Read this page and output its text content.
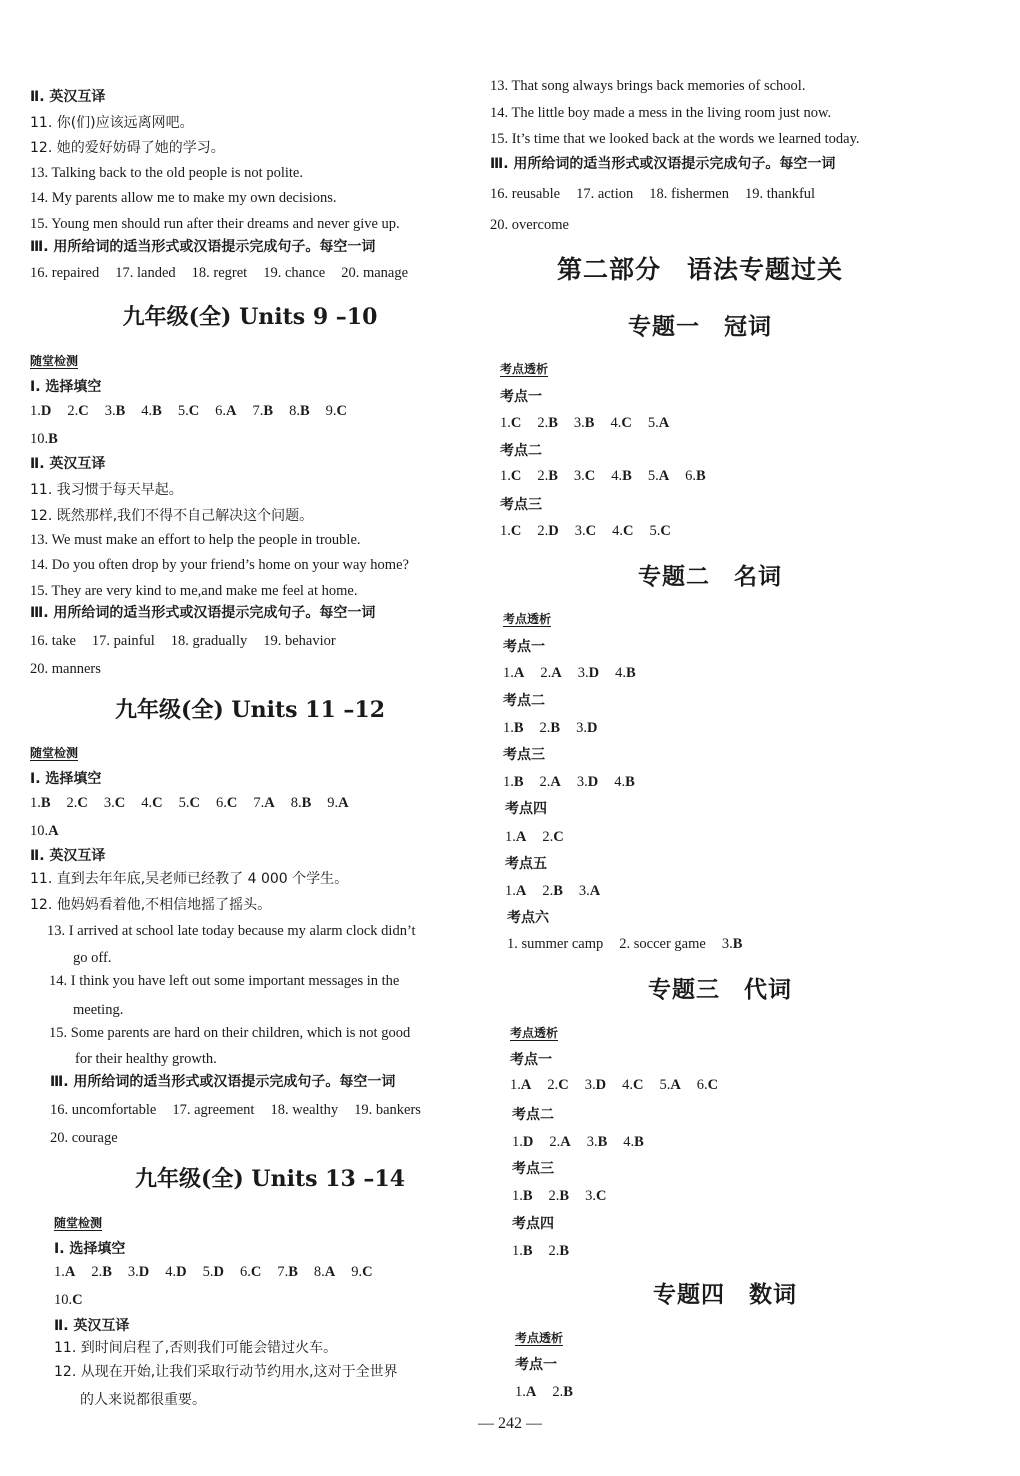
Ⅱ. 英汉互译
11. 你(们)应该远离网吧。
12. 她的爱好妨碍了她的学习。
13. Talking back to the old people is not polite.
14. My parents allow me to make my own decisions.
15. Young men should run after their dreams and never give up.
Ⅲ. 用所给词的适当形式或汉语提示完成句子。每空一词
16. repaired 17. landed 18. regret 19. chance 20. manage
九年级(全) Units 9 –10
随堂检测
Ⅰ. 选择填空
1.D 2.C 3.B 4.B 5.C 6.A 7.B 8.B 9.C
10.B
Ⅱ. 英汉互译
11. 我习惯于每天早起。
12. 既然那样,我们不得不自己解决这个问题。
13. We must make an effort to help the people in trouble.
14. Do you often drop by your friend’s home on your way home?
15. They are very kind to me,and make me feel at home.
Ⅲ. 用所给词的适当形式或汉语提示完成句子。每空一词
16. take 17. painful 18. gradually 19. behavior
20. manners
九年级(全) Units 11 –12
随堂检测
Ⅰ. 选择填空
1.B 2.C 3.C 4.C 5.C 6.C 7.A 8.B 9.A
10.A
Ⅱ. 英汉互译
11. 直到去年年底,吴老师已经教了 4 000 个学生。
12. 他妈妈看着他,不相信地摇了摇头。
13. I arrived at school late today because my alarm clock didn’t
go off.
14. I think you have left out some important messages in the
meeting.
15. Some parents are hard on their children, which is not good
for their healthy growth.
Ⅲ. 用所给词的适当形式或汉语提示完成句子。每空一词
16. uncomfortable 17. agreement 18. wealthy 19. bankers
20. courage
九年级(全) Units 13 –14
随堂检测
Ⅰ. 选择填空
1.A 2.B 3.D 4.D 5.D 6.C 7.B 8.A 9.C
10.C
Ⅱ. 英汉互译
11. 到时间启程了,否则我们可能会错过火车。
12. 从现在开始,让我们采取行动节约用水,这对于全世界
的人来说都很重要。
13. That song always brings back memories of school.
14. The little boy made a mess in the living room just now.
15. It’s time that we looked back at the words we learned today.
Ⅲ. 用所给词的适当形式或汉语提示完成句子。每空一词
16. reusable 17. action 18. fishermen 19. thankful
20. overcome
第二部分　语法专题过关
专题一　冠词
考点透析
考点一
1.C 2.B 3.B 4.C 5.A
考点二
1.C 2.B 3.C 4.B 5.A 6.B
考点三
1.C 2.D 3.C 4.C 5.C
专题二　名词
考点透析
考点一
1.A 2.A 3.D 4.B
考点二
1.B 2.B 3.D
考点三
1.B 2.A 3.D 4.B
考点四
1.A 2.C
考点五
1.A 2.B 3.A
考点六
1. summer camp 2. soccer game 3.B
专题三　代词
考点透析
考点一
1.A 2.C 3.D 4.C 5.A 6.C
考点二
1.D 2.A 3.B 4.B
考点三
1.B 2.B 3.C
考点四
1.B 2.B
专题四　数词
考点透析
考点一
1.A 2.B
— 242 —
